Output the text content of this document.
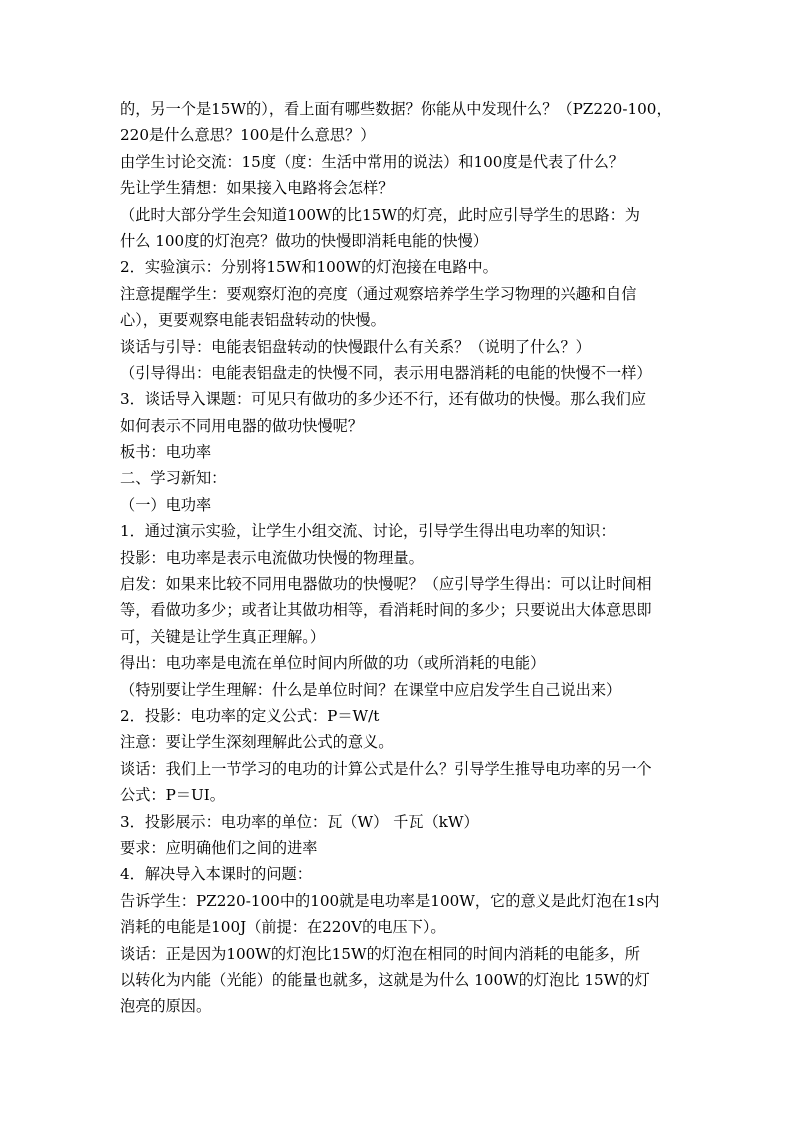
的，另一个是15W的），看上面有哪些数据？你能从中发现什么？（PZ220-100，
220是什么意思？100是什么意思？）
由学生讨论交流：15度（度：生活中常用的说法）和100度是代表了什么？
先让学生猜想：如果接入电路将会怎样？
（此时大部分学生会知道100W的比15W的灯亮，此时应引导学生的思路：为
什么 100度的灯泡亮？做功的快慢即消耗电能的快慢）
2．实验演示：分别将15W和100W的灯泡接在电路中。
注意提醒学生：要观察灯泡的亮度（通过观察培养学生学习物理的兴趣和自信
心），更要观察电能表铝盘转动的快慢。
谈话与引导：电能表铝盘转动的快慢跟什么有关系？（说明了什么？）
（引导得出：电能表铝盘走的快慢不同，表示用电器消耗的电能的快慢不一样）
3．谈话导入课题：可见只有做功的多少还不行，还有做功的快慢。那么我们应
如何表示不同用电器的做功快慢呢？
板书：电功率
二、学习新知：
（一）电功率
1．通过演示实验，让学生小组交流、讨论，引导学生得出电功率的知识：
投影：电功率是表示电流做功快慢的物理量。
启发：如果来比较不同用电器做功的快慢呢？（应引导学生得出：可以让时间相
等，看做功多少；或者让其做功相等，看消耗时间的多少；只要说出大体意思即
可，关键是让学生真正理解。）
得出：电功率是电流在单位时间内所做的功（或所消耗的电能）
（特别要让学生理解：什么是单位时间？在课堂中应启发学生自己说出来）
2．投影：电功率的定义公式：P＝W/t
注意：要让学生深刻理解此公式的意义。
谈话：我们上一节学习的电功的计算公式是什么？引导学生推导电功率的另一个
公式：P＝UI。
3．投影展示：电功率的单位：瓦（W） 千瓦（kW）
要求：应明确他们之间的进率
4．解决导入本课时的问题：
告诉学生：PZ220-100中的100就是电功率是100W，它的意义是此灯泡在1s内
消耗的电能是100J（前提：在220V的电压下）。
谈话：正是因为100W的灯泡比15W的灯泡在相同的时间内消耗的电能多，所
以转化为内能（光能）的能量也就多，这就是为什么 100W的灯泡比 15W的灯
泡亮的原因。
